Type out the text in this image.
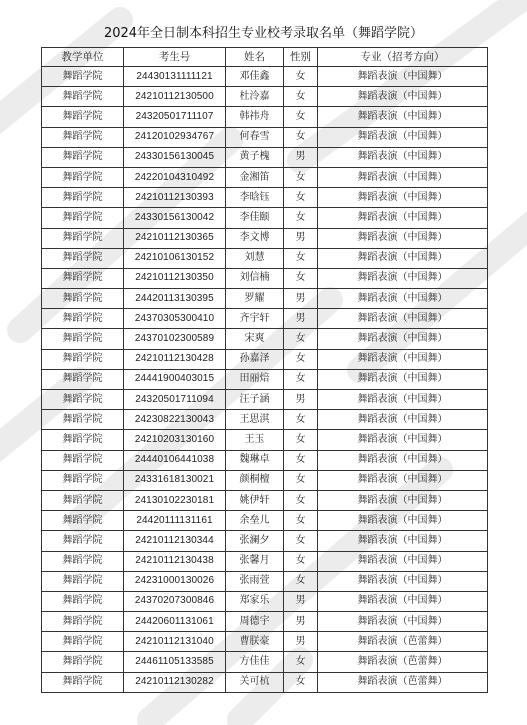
2024年全日制本科招生专业校考录取名单（舞蹈学院）
教学单位	考生号	姓名	性别	专业（招考方向）
舞蹈学院	24430131111121	邓佳鑫	女	舞蹈表演（中国舞）
舞蹈学院	24210112130500	杜泠嘉	女	舞蹈表演（中国舞）
舞蹈学院	24320501711107	韩祎舟	女	舞蹈表演（中国舞）
舞蹈学院	24120102934767	何春雪	女	舞蹈表演（中国舞）
舞蹈学院	24330156130045	黄子槐	男	舞蹈表演（中国舞）
舞蹈学院	24220104310492	金湘笛	女	舞蹈表演（中国舞）
舞蹈学院	24210112130393	李晗钰	女	舞蹈表演（中国舞）
舞蹈学院	24330156130042	李佳颐	女	舞蹈表演（中国舞）
舞蹈学院	24210112130365	李文博	男	舞蹈表演（中国舞）
舞蹈学院	24210106130152	刘慧	女	舞蹈表演（中国舞）
舞蹈学院	24210112130350	刘信楠	女	舞蹈表演（中国舞）
舞蹈学院	24420113130395	罗耀	男	舞蹈表演（中国舞）
舞蹈学院	24370305300410	齐宇轩	男	舞蹈表演（中国舞）
舞蹈学院	24370102300589	宋爽	女	舞蹈表演（中国舞）
舞蹈学院	24210112130428	孙嘉泽	女	舞蹈表演（中国舞）
舞蹈学院	24441900403015	田丽焙	女	舞蹈表演（中国舞）
舞蹈学院	24320501711094	汪子涵	男	舞蹈表演（中国舞）
舞蹈学院	24230822130043	王思淇	女	舞蹈表演（中国舞）
舞蹈学院	24210203130160	王玉	女	舞蹈表演（中国舞）
舞蹈学院	24440106441038	魏琳卓	女	舞蹈表演（中国舞）
舞蹈学院	24331618130021	颜桐檀	女	舞蹈表演（中国舞）
舞蹈学院	24130102230181	姚伊轩	女	舞蹈表演（中国舞）
舞蹈学院	24420111131161	余垒儿	女	舞蹈表演（中国舞）
舞蹈学院	24210112130344	张澜夕	女	舞蹈表演（中国舞）
舞蹈学院	24210112130438	张馨月	女	舞蹈表演（中国舞）
舞蹈学院	24231000130026	张雨萱	女	舞蹈表演（中国舞）
舞蹈学院	24370207300846	郑家乐	男	舞蹈表演（中国舞）
舞蹈学院	24420601131061	周德宇	男	舞蹈表演（中国舞）
舞蹈学院	24210112131040	曹朕豪	男	舞蹈表演（芭蕾舞）
舞蹈学院	24461105133585	方佳佳	女	舞蹈表演（芭蕾舞）
舞蹈学院	24210112130282	关可杭	女	舞蹈表演（芭蕾舞）
